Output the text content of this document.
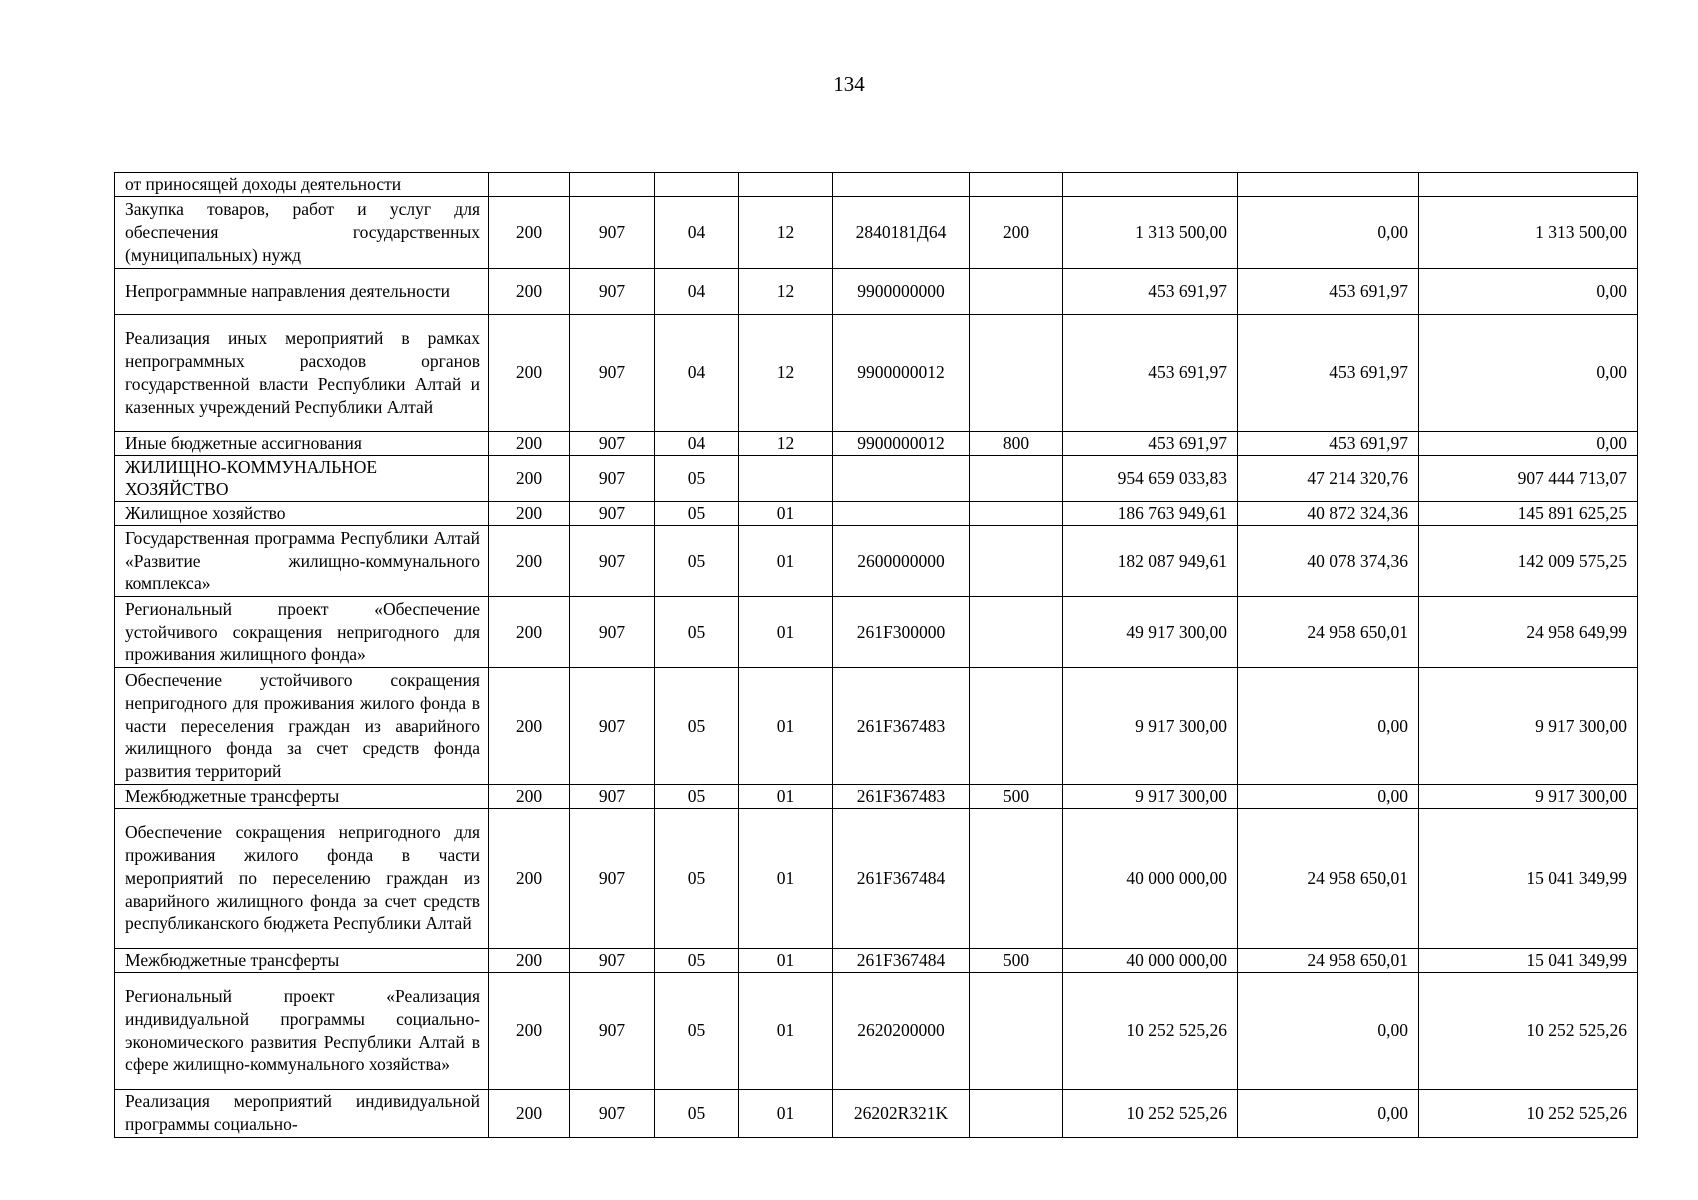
134
от приносящей доходы деятельности									
Закупка товаров, работ и услуг для обеспечения государственных (муниципальных) нужд	200	907	04	12	2840181Д64	200	1 313 500,00	0,00	1 313 500,00
Непрограммные направления деятельности	200	907	04	12	9900000000		453 691,97	453 691,97	0,00
Реализация иных мероприятий в рамках непрограммных расходов органов государственной власти Республики Алтай и казенных учреждений Республики Алтай	200	907	04	12	9900000012		453 691,97	453 691,97	0,00
Иные бюджетные ассигнования	200	907	04	12	9900000012	800	453 691,97	453 691,97	0,00
ЖИЛИЩНО-КОММУНАЛЬНОЕ ХОЗЯЙСТВО	200	907	05				954 659 033,83	47 214 320,76	907 444 713,07
Жилищное хозяйство	200	907	05	01			186 763 949,61	40 872 324,36	145 891 625,25
Государственная программа Республики Алтай «Развитие жилищно-коммунального комплекса»	200	907	05	01	2600000000		182 087 949,61	40 078 374,36	142 009 575,25
Региональный проект «Обеспечение устойчивого сокращения непригодного для проживания жилищного фонда»	200	907	05	01	261F300000		49 917 300,00	24 958 650,01	24 958 649,99
Обеспечение устойчивого сокращения непригодного для проживания жилого фонда в части переселения граждан из аварийного жилищного фонда за счет средств фонда развития территорий	200	907	05	01	261F367483		9 917 300,00	0,00	9 917 300,00
Межбюджетные трансферты	200	907	05	01	261F367483	500	9 917 300,00	0,00	9 917 300,00
Обеспечение сокращения непригодного для проживания жилого фонда в части мероприятий по переселению граждан из аварийного жилищного фонда за счет средств республиканского бюджета Республики Алтай	200	907	05	01	261F367484		40 000 000,00	24 958 650,01	15 041 349,99
Межбюджетные трансферты	200	907	05	01	261F367484	500	40 000 000,00	24 958 650,01	15 041 349,99
Региональный проект «Реализация индивидуальной программы социально-экономического развития Республики Алтай в сфере жилищно-коммунального хозяйства»	200	907	05	01	2620200000		10 252 525,26	0,00	10 252 525,26
Реализация мероприятий индивидуальной программы социально-	200	907	05	01	26202R321K		10 252 525,26	0,00	10 252 525,26
